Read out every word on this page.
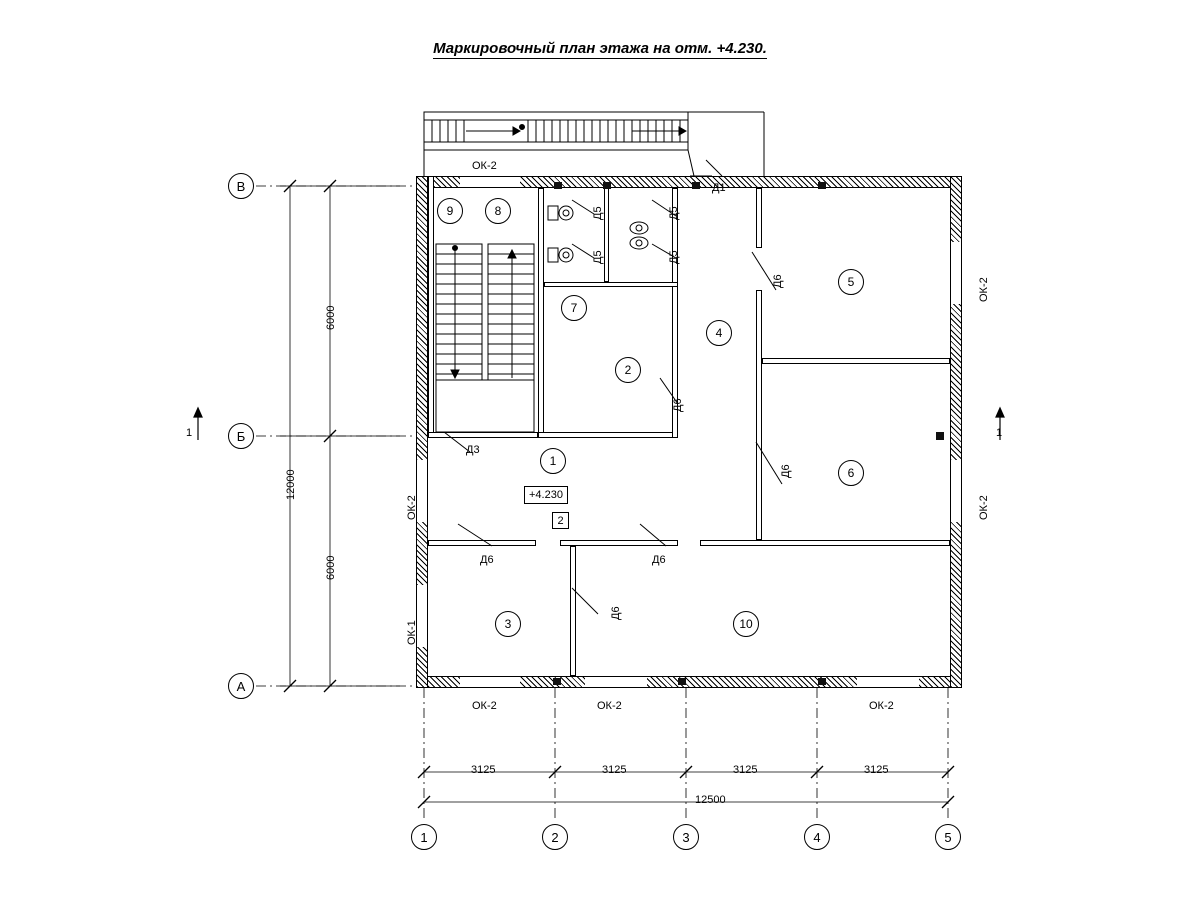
Маркировочный план этажа на отм. +4.230.
А
Б
В
1	2	3	4	5
1	1
12000
6000
6000
3125	3125	3125	3125
12500
ОК-2
ОК-2
ОК-1
ОК-2
ОК-2
ОК-2	ОК-2	ОК-2
Д1
Д5	Д5
Д5	Д5
Д6
Д6
Д6
Д3
Д6	Д6
Д6
1
2
3
4
5
6
7
8
9
10
+4.230
2
